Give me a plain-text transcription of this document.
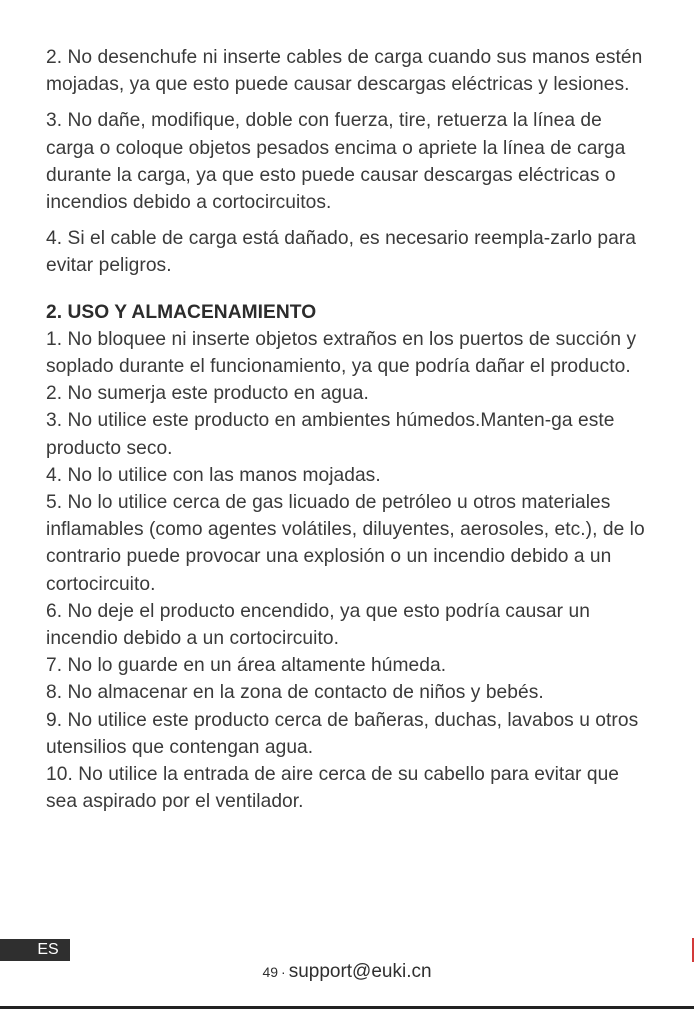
2. No desenchufe ni inserte cables de carga cuando sus manos estén mojadas, ya que esto puede causar descargas eléctricas y lesiones.

3. No dañe, modifique, doble con fuerza, tire, retuerza la línea de carga o coloque objetos pesados encima o apriete la línea de carga durante la carga, ya que esto puede causar descargas eléctricas o incendios debido a cortocircuitos.

4. Si el cable de carga está dañado, es necesario reempla-zarlo para evitar peligros.

2. USO Y ALMACENAMIENTO

1. No bloquee ni inserte objetos extraños en los puertos de succión y soplado durante el funcionamiento, ya que podría dañar el producto.

2. No sumerja este producto en agua.

3. No utilice este producto en ambientes húmedos.Manten-ga este producto seco.

4. No lo utilice con las manos mojadas.

5. No lo utilice cerca de gas licuado de petróleo u otros materiales inflamables (como agentes volátiles, diluyentes, aerosoles, etc.), de lo contrario puede provocar una explosión o un incendio debido a un cortocircuito.

6. No deje el producto encendido, ya que esto podría causar un incendio debido a un cortocircuito.

7. No lo guarde en un área altamente húmeda.

8. No almacenar en la zona de contacto de niños y bebés.

9. No utilice este producto cerca de bañeras, duchas, lavabos u otros utensilios que contengan agua.

10. No utilice la entrada de aire cerca de su cabello para evitar que sea aspirado por el ventilador.

ES
49 · support@euki.cn
